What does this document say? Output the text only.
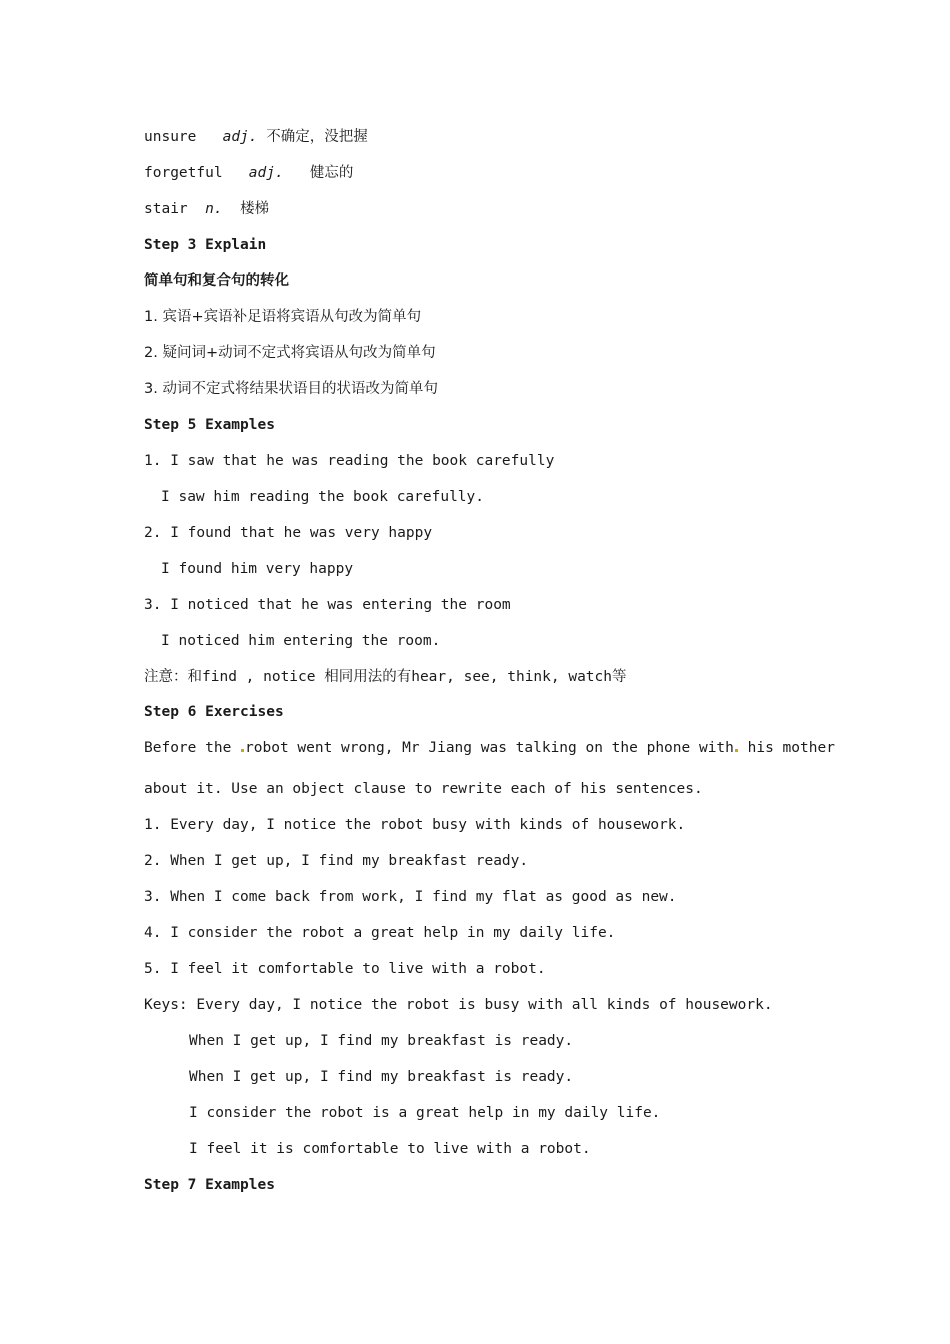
unsure adj. 不确定，没把握
forgetful adj. 健忘的
stair n. 楼梯
Step 3 Explain
简单句和复合句的转化
1. 宾语+宾语补足语将宾语从句改为简单句
2. 疑问词+动词不定式将宾语从句改为简单句
3. 动词不定式将结果状语目的状语改为简单句
Step 5 Examples
1. I saw that he was reading the book carefully
I saw him reading the book carefully.
2. I found that he was very happy
I found him very happy
3. I noticed that he was entering the room
I noticed him entering the room.
注意：和find , notice 相同用法的有hear, see, think, watch等
Step 6 Exercises
Before the robot went wrong, Mr Jiang was talking on the phone with his mother
about it. Use an object clause to rewrite each of his sentences.
1. Every day, I notice the robot busy with kinds of housework.
2. When I get up, I find my breakfast ready.
3. When I come back from work, I find my flat as good as new.
4. I consider the robot a great help in my daily life.
5. I feel it comfortable to live with a robot.
Keys: Every day, I notice the robot is busy with all kinds of housework.
When I get up, I find my breakfast is ready.
When I get up, I find my breakfast is ready.
I consider the robot is a great help in my daily life.
I feel it is comfortable to live with a robot.
Step 7 Examples
